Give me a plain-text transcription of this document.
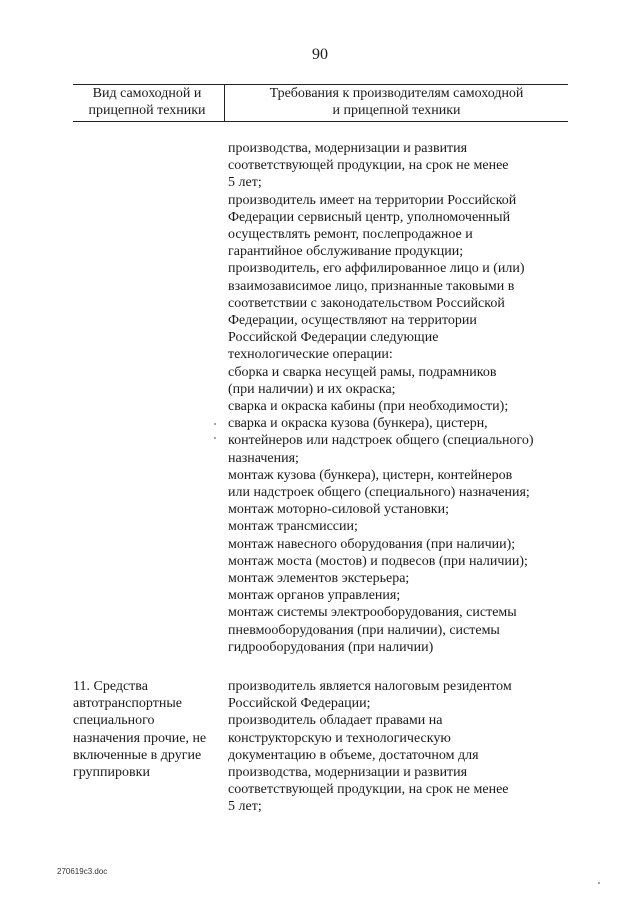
90
Вид самоходной и
прицепной техники
Требования к производителям самоходной
и прицепной техники
производства, модернизации и развития
соответствующей продукции, на срок не менее
5 лет;
производитель имеет на территории Российской
Федерации сервисный центр, уполномоченный
осуществлять ремонт, послепродажное и
гарантийное обслуживание продукции;
производитель, его аффилированное лицо и (или)
взаимозависимое лицо, признанные таковыми в
соответствии с законодательством Российской
Федерации, осуществляют на территории
Российской Федерации следующие
технологические операции:
сборка и сварка несущей рамы, подрамников
(при наличии) и их окраска;
сварка и окраска кабины (при необходимости);
сварка и окраска кузова (бункера), цистерн,
контейнеров или надстроек общего (специального)
назначения;
монтаж кузова (бункера), цистерн, контейнеров
или надстроек общего (специального) назначения;
монтаж моторно-силовой установки;
монтаж трансмиссии;
монтаж навесного оборудования (при наличии);
монтаж моста (мостов) и подвесов (при наличии);
монтаж элементов экстерьера;
монтаж органов управления;
монтаж системы электрооборудования, системы
пневмооборудования (при наличии), системы
гидрооборудования (при наличии)
11. Средства
автотранспортные
специального
назначения прочие, не
включенные в другие
группировки
производитель является налоговым резидентом
Российской Федерации;
производитель обладает правами на
конструкторскую и технологическую
документацию в объеме, достаточном для
производства, модернизации и развития
соответствующей продукции, на срок не менее
5 лет;
270619c3.doc
